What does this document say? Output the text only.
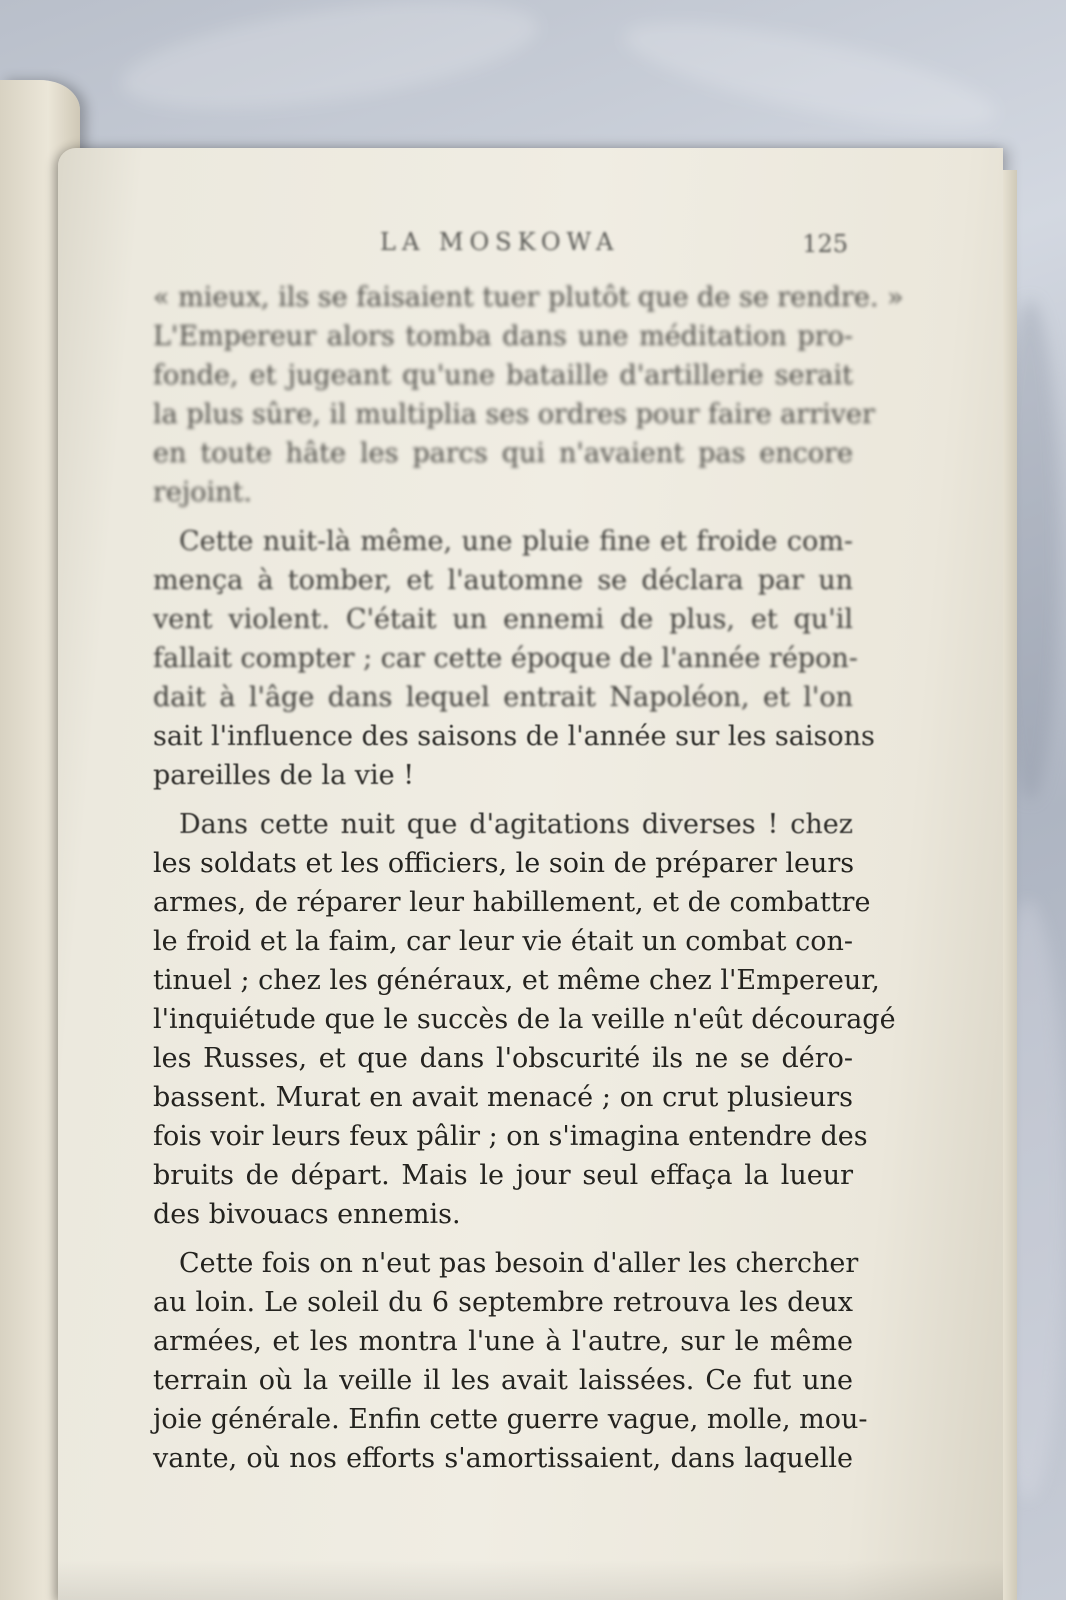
LA MOSKOWA	125
« mieux, ils se faisaient tuer plutôt que de se rendre. »
L'Empereur alors tomba dans une méditation pro-
fonde, et jugeant qu'une bataille d'artillerie serait
la plus sûre, il multiplia ses ordres pour faire arriver
en toute hâte les parcs qui n'avaient pas encore
rejoint.
Cette nuit-là même, une pluie fine et froide com-
mença à tomber, et l'automne se déclara par un
vent violent. C'était un ennemi de plus, et qu'il
fallait compter ; car cette époque de l'année répon-
dait à l'âge dans lequel entrait Napoléon, et l'on
sait l'influence des saisons de l'année sur les saisons
pareilles de la vie !
Dans cette nuit que d'agitations diverses ! chez
les soldats et les officiers, le soin de préparer leurs
armes, de réparer leur habillement, et de combattre
le froid et la faim, car leur vie était un combat con-
tinuel ; chez les généraux, et même chez l'Empereur,
l'inquiétude que le succès de la veille n'eût découragé
les Russes, et que dans l'obscurité ils ne se déro-
bassent. Murat en avait menacé ; on crut plusieurs
fois voir leurs feux pâlir ; on s'imagina entendre des
bruits de départ. Mais le jour seul effaça la lueur
des bivouacs ennemis.
Cette fois on n'eut pas besoin d'aller les chercher
au loin. Le soleil du 6 septembre retrouva les deux
armées, et les montra l'une à l'autre, sur le même
terrain où la veille il les avait laissées. Ce fut une
joie générale. Enfin cette guerre vague, molle, mou-
vante, où nos efforts s'amortissaient, dans laquelle
